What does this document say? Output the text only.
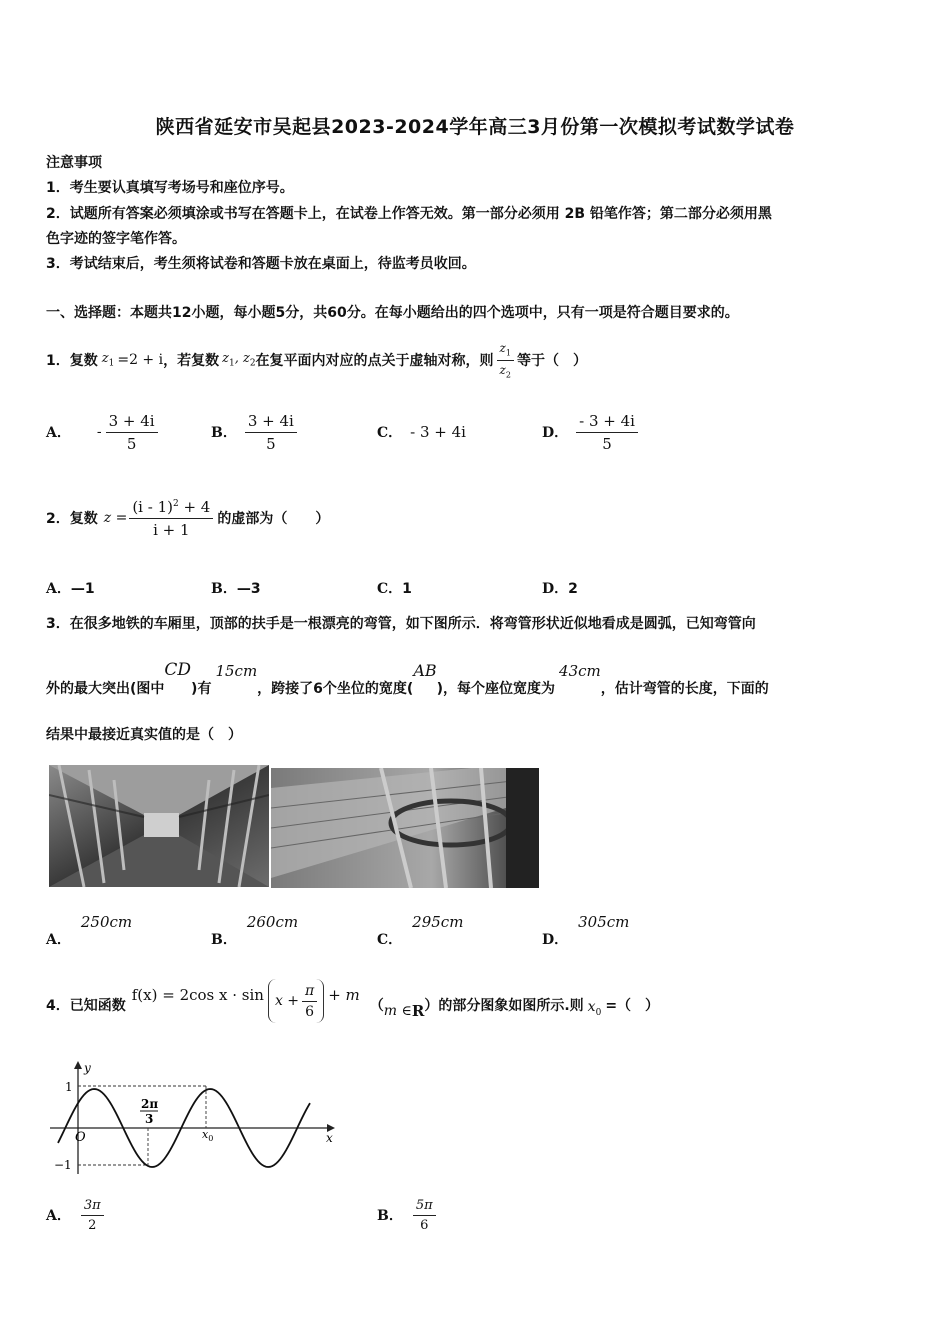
陕西省延安市吴起县2023-2024学年高三3月份第一次模拟考试数学试卷
注意事项
1．考生要认真填写考场号和座位序号。
2．试题所有答案必须填涂或书写在答题卡上，在试卷上作答无效。第一部分必须用 2B 铅笔作答；第二部分必须用黑
色字迹的签字笔作答。
3．考试结束后，考生须将试卷和答题卡放在桌面上，待监考员收回。
一、选择题：本题共12小题，每小题5分，共60分。在每小题给出的四个选项中，只有一项是符合题目要求的。
1．复数 $z_1 =2 + i$ ，若复数 $z_1$, $z_2$ 在复平面内对应的点关于虚轴对称，则 $\frac{z_1}{z_2}$ 等于（　）
A． - $\frac{3 + 4i}{5}$	B． $\frac{3 + 4i}{5}$	C． - 3 + 4i	D． $\frac{- 3 + 4i}{5}$
2．复数 $z = \frac{(i - 1)^2 + 4}{i + 1}$ 的虚部为（　　）
A．—1	B．—3	C．1	D．2
3．在很多地铁的车厢里，顶部的扶手是一根漂亮的弯管，如下图所示．将弯管形状近似地看成是圆弧，已知弯管向
外的最大突出(图中
CD
)有
15cm
，跨接了6个坐位的宽度(
AB
)，每个座位宽度为
43cm
，估计弯管的长度，下面的
结果中最接近真实值的是（　）
A．
250cm
B．
260cm
C．
295cm
D．
305cm
4．已知函数
f(x) = 2cos $x \cdot \sin x + \frac{\pi}{6} + m$
（ m ∈ R ） 的部分图象如图所示.则 $x_0$ =（　）
y
x
1
−1
O
2π
3
$x_0$
A． $\frac{3\pi}{2}$	B． $\frac{5\pi}{6}$
